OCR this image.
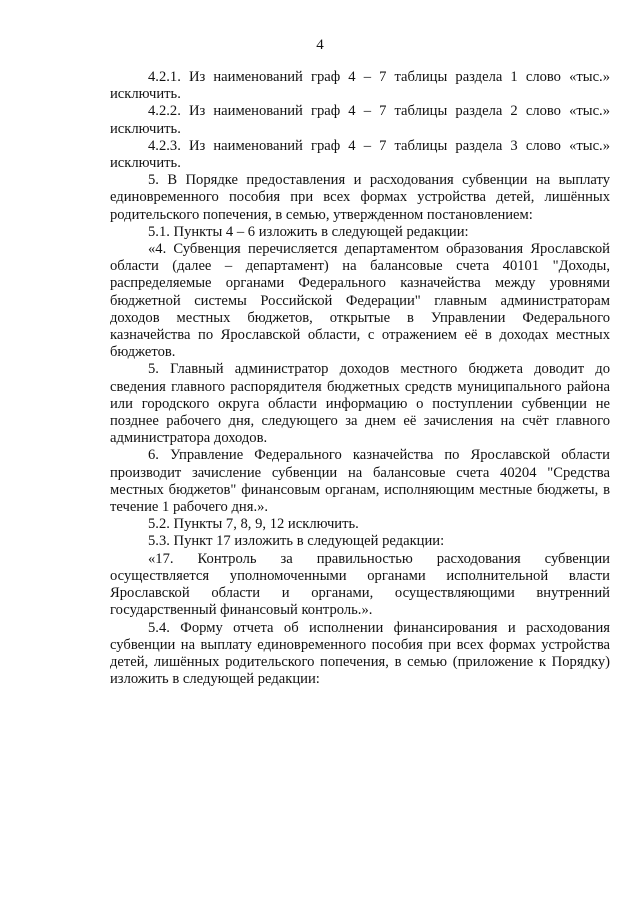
4

4.2.1. Из наименований граф 4 – 7 таблицы раздела 1 слово «тыс.» исключить.

4.2.2. Из наименований граф 4 – 7 таблицы раздела 2 слово «тыс.» исключить.

4.2.3. Из наименований граф 4 – 7 таблицы раздела 3 слово «тыс.» исключить.

5. В Порядке предоставления и расходования субвенции на выплату единовременного пособия при всех формах устройства детей, лишённых родительского попечения, в семью, утвержденном постановлением:

5.1. Пункты 4 – 6 изложить в следующей редакции:

«4. Субвенция перечисляется департаментом образования Ярославской области (далее – департамент) на балансовые счета 40101 "Доходы, распределяемые органами Федерального казначейства между уровнями бюджетной системы Российской Федерации" главным администраторам доходов местных бюджетов, открытые в Управлении Федерального казначейства по Ярославской области, с отражением её в доходах местных бюджетов.

5. Главный администратор доходов местного бюджета доводит до сведения главного распорядителя бюджетных средств муниципального района или городского округа области информацию о поступлении субвенции не позднее рабочего дня, следующего за днем её зачисления на счёт главного администратора доходов.

6. Управление Федерального казначейства по Ярославской области производит зачисление субвенции на балансовые счета 40204 "Средства местных бюджетов" финансовым органам, исполняющим местные бюджеты, в течение 1 рабочего дня.».

5.2. Пункты 7, 8, 9, 12 исключить.

5.3. Пункт 17 изложить в следующей редакции:

«17. Контроль за правильностью расходования субвенции осуществляется уполномоченными органами исполнительной власти Ярославской области и органами, осуществляющими внутренний государственный финансовый контроль.».

5.4. Форму отчета об исполнении финансирования и расходования субвенции на выплату единовременного пособия при всех формах устройства детей, лишённых родительского попечения, в семью (приложение к Порядку) изложить в следующей редакции:
